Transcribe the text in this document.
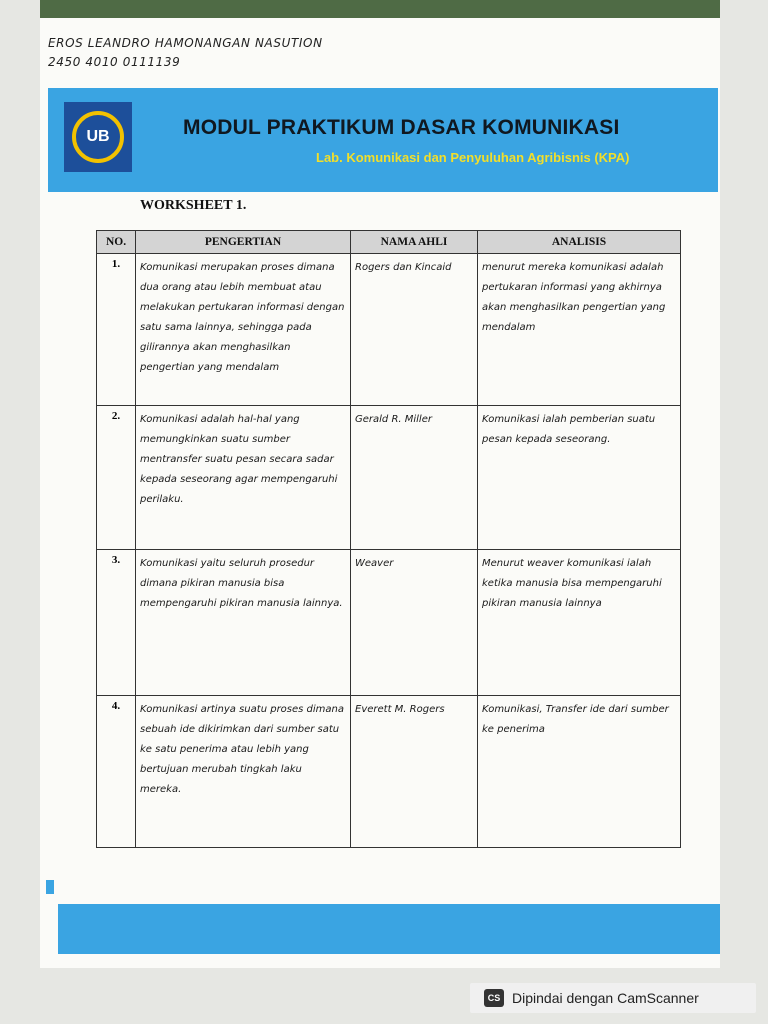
EROS LEANDRO HAMONANGAN NASUTION
2450 4010 0111139
UB	MODUL PRAKTIKUM DASAR KOMUNIKASI
Lab. Komunikasi dan Penyuluhan Agribisnis (KPA)
WORKSHEET 1.
NO.	PENGERTIAN	NAMA AHLI	ANALISIS
1.	Komunikasi merupakan proses dimana dua orang atau lebih membuat atau melakukan pertukaran informasi dengan satu sama lainnya, sehingga pada gilirannya akan menghasilkan pengertian yang mendalam	Rogers dan Kincaid	menurut mereka komunikasi adalah pertukaran informasi yang akhirnya akan menghasilkan pengertian yang mendalam
2.	Komunikasi adalah hal-hal yang memungkinkan suatu sumber mentransfer suatu pesan secara sadar kepada seseorang agar mempengaruhi perilaku.	Gerald R. Miller	Komunikasi ialah pemberian suatu pesan kepada seseorang.
3.	Komunikasi yaitu seluruh prosedur dimana pikiran manusia bisa mempengaruhi pikiran manusia lainnya.	Weaver	Menurut weaver komunikasi ialah ketika manusia bisa mempengaruhi pikiran manusia lainnya
4.	Komunikasi artinya suatu proses dimana sebuah ide dikirimkan dari sumber satu ke satu penerima atau lebih yang bertujuan merubah tingkah laku mereka.	Everett M. Rogers	Komunikasi, Transfer ide dari sumber ke penerima
CS Dipindai dengan CamScanner
